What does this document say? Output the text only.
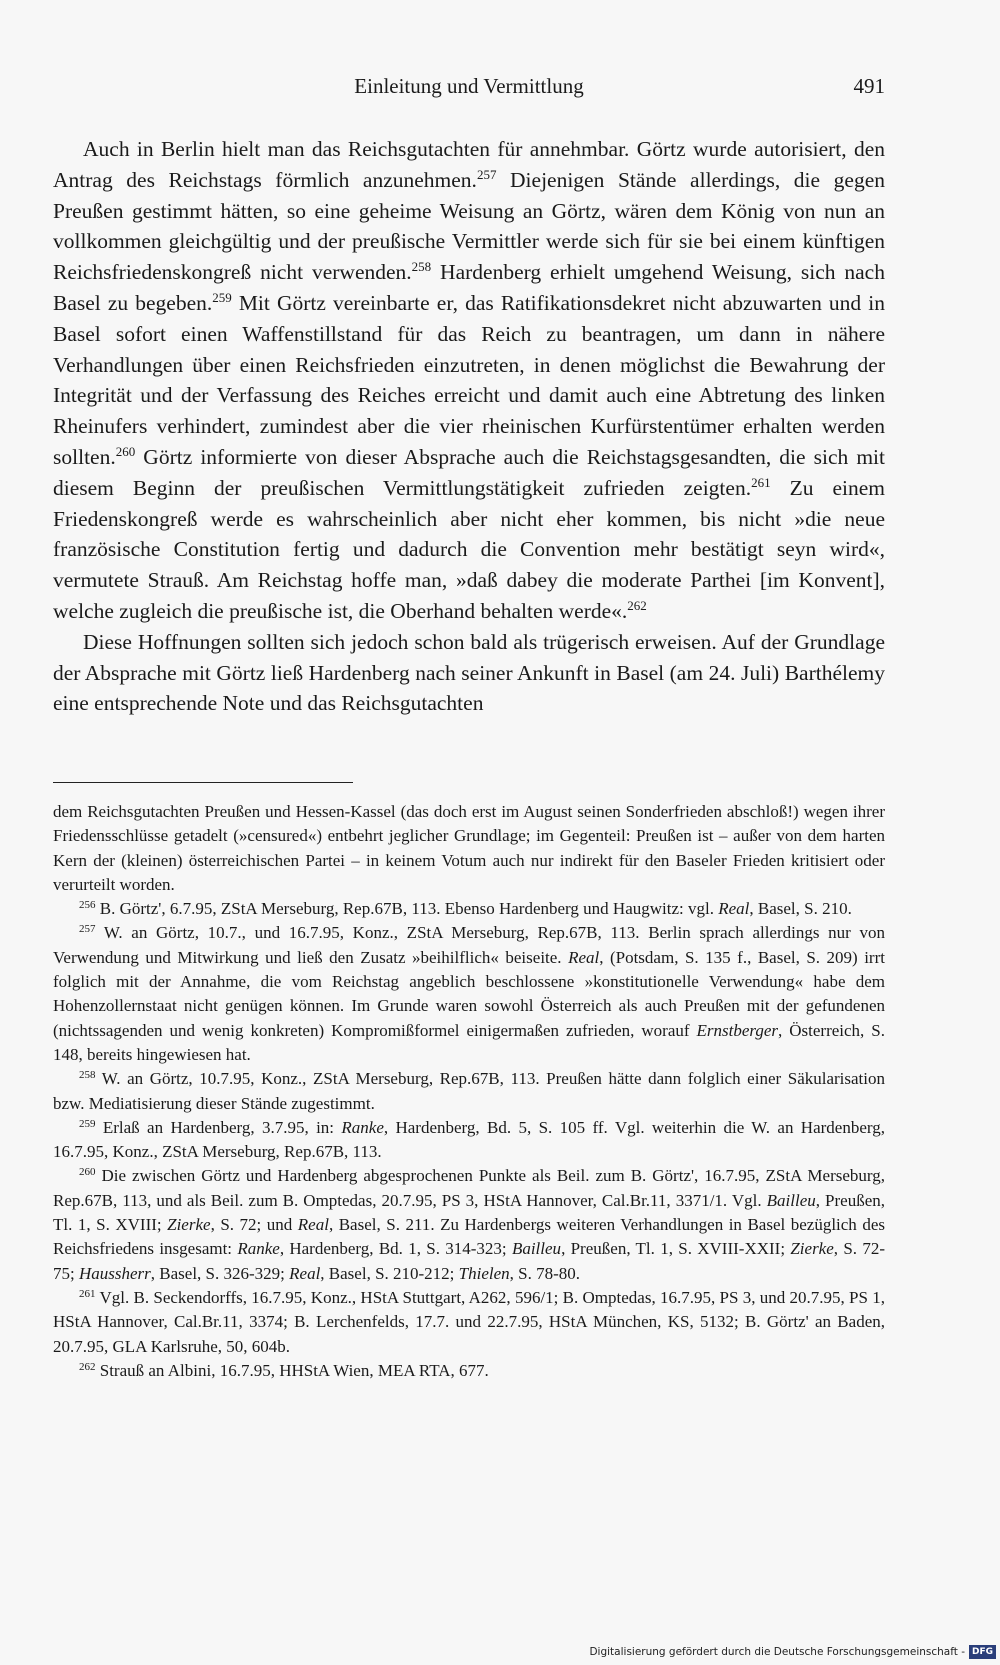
Einleitung und Vermittlung	491

Auch in Berlin hielt man das Reichsgutachten für annehmbar. Görtz wurde autorisiert, den Antrag des Reichstags förmlich anzunehmen.$^{257}$ Diejenigen Stände allerdings, die gegen Preußen gestimmt hätten, so eine geheime Weisung an Görtz, wären dem König von nun an vollkommen gleichgültig und der preußische Vermittler werde sich für sie bei einem künftigen Reichsfriedenskongreß nicht verwenden.$^{258}$ Hardenberg erhielt umgehend Weisung, sich nach Basel zu begeben.$^{259}$ Mit Görtz vereinbarte er, das Ratifikationsdekret nicht abzuwarten und in Basel sofort einen Waffenstillstand für das Reich zu beantragen, um dann in nähere Verhandlungen über einen Reichsfrieden einzutreten, in denen möglichst die Bewahrung der Integrität und der Verfassung des Reiches erreicht und damit auch eine Abtretung des linken Rheinufers verhindert, zumindest aber die vier rheinischen Kurfürstentümer erhalten werden sollten.$^{260}$ Görtz informierte von dieser Absprache auch die Reichstagsgesandten, die sich mit diesem Beginn der preußischen Vermittlungstätigkeit zufrieden zeigten.$^{261}$ Zu einem Friedenskongreß werde es wahrscheinlich aber nicht eher kommen, bis nicht »die neue französische Constitution fertig und dadurch die Convention mehr bestätigt seyn wird«, vermutete Strauß. Am Reichstag hoffe man, »daß dabey die moderate Parthei [im Konvent], welche zugleich die preußische ist, die Oberhand behalten werde«.$^{262}$

Diese Hoffnungen sollten sich jedoch schon bald als trügerisch erweisen. Auf der Grundlage der Absprache mit Görtz ließ Hardenberg nach seiner Ankunft in Basel (am 24. Juli) Barthélemy eine entsprechende Note und das Reichsgutachten

dem Reichsgutachten Preußen und Hessen-Kassel (das doch erst im August seinen Sonderfrieden abschloß!) wegen ihrer Friedensschlüsse getadelt (»censured«) entbehrt jeglicher Grundlage; im Gegenteil: Preußen ist – außer von dem harten Kern der (kleinen) österreichischen Partei – in keinem Votum auch nur indirekt für den Baseler Frieden kritisiert oder verurteilt worden.

$^{256}$ B. Görtz', 6.7.95, ZStA Merseburg, Rep.67B, 113. Ebenso Hardenberg und Haugwitz: vgl. Real, Basel, S. 210.

$^{257}$ W. an Görtz, 10.7., und 16.7.95, Konz., ZStA Merseburg, Rep.67B, 113. Berlin sprach allerdings nur von Verwendung und Mitwirkung und ließ den Zusatz »beihilflich« beiseite. Real, (Potsdam, S. 135 f., Basel, S. 209) irrt folglich mit der Annahme, die vom Reichstag angeblich beschlossene »konstitutionelle Verwendung« habe dem Hohenzollernstaat nicht genügen können. Im Grunde waren sowohl Österreich als auch Preußen mit der gefundenen (nichtssagenden und wenig konkreten) Kompromißformel einigermaßen zufrieden, worauf Ernstberger, Österreich, S. 148, bereits hingewiesen hat.

$^{258}$ W. an Görtz, 10.7.95, Konz., ZStA Merseburg, Rep.67B, 113. Preußen hätte dann folglich einer Säkularisation bzw. Mediatisierung dieser Stände zugestimmt.

$^{259}$ Erlaß an Hardenberg, 3.7.95, in: Ranke, Hardenberg, Bd. 5, S. 105 ff. Vgl. weiterhin die W. an Hardenberg, 16.7.95, Konz., ZStA Merseburg, Rep.67B, 113.

$^{260}$ Die zwischen Görtz und Hardenberg abgesprochenen Punkte als Beil. zum B. Görtz', 16.7.95, ZStA Merseburg, Rep.67B, 113, und als Beil. zum B. Omptedas, 20.7.95, PS 3, HStA Hannover, Cal.Br.11, 3371/1. Vgl. Bailleu, Preußen, Tl. 1, S. XVIII; Zierke, S. 72; und Real, Basel, S. 211. Zu Hardenbergs weiteren Verhandlungen in Basel bezüglich des Reichsfriedens insgesamt: Ranke, Hardenberg, Bd. 1, S. 314-323; Bailleu, Preußen, Tl. 1, S. XVIII-XXII; Zierke, S. 72-75; Haussherr, Basel, S. 326-329; Real, Basel, S. 210-212; Thielen, S. 78-80.

$^{261}$ Vgl. B. Seckendorffs, 16.7.95, Konz., HStA Stuttgart, A262, 596/1; B. Omptedas, 16.7.95, PS 3, und 20.7.95, PS 1, HStA Hannover, Cal.Br.11, 3374; B. Lerchenfelds, 17.7. und 22.7.95, HStA München, KS, 5132; B. Görtz' an Baden, 20.7.95, GLA Karlsruhe, 50, 604b.

$^{262}$ Strauß an Albini, 16.7.95, HHStA Wien, MEA RTA, 677.

Digitalisierung gefördert durch die Deutsche Forschungsgemeinschaft - DFG
